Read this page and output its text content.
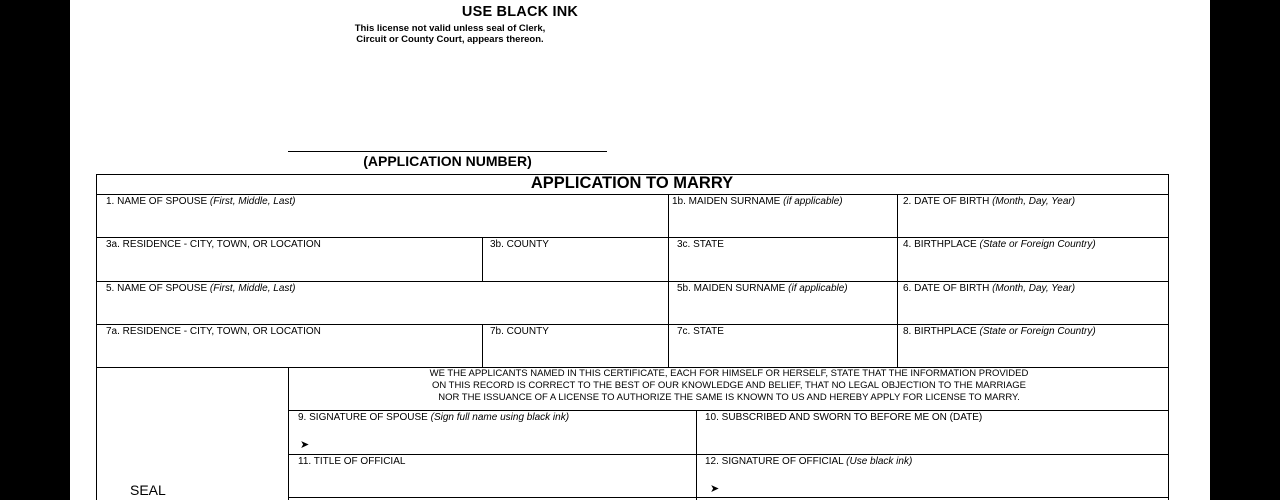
USE BLACK INK
This license not valid unless seal of Clerk,
Circuit or County Court, appears thereon.
(APPLICATION NUMBER)
APPLICATION TO MARRY
1. NAME OF SPOUSE (First, Middle, Last)	1b. MAIDEN SURNAME (if applicable)	2. DATE OF BIRTH (Month, Day, Year)
3a. RESIDENCE - CITY, TOWN, OR LOCATION	3b. COUNTY	3c. STATE	4. BIRTHPLACE (State or Foreign Country)
5. NAME OF SPOUSE (First, Middle, Last)	5b. MAIDEN SURNAME (if applicable)	6. DATE OF BIRTH (Month, Day, Year)
7a. RESIDENCE - CITY, TOWN, OR LOCATION	7b. COUNTY	7c. STATE	8. BIRTHPLACE (State or Foreign Country)
WE THE APPLICANTS NAMED IN THIS CERTIFICATE, EACH FOR HIMSELF OR HERSELF, STATE THAT THE INFORMATION PROVIDED
ON THIS RECORD IS CORRECT TO THE BEST OF OUR KNOWLEDGE AND BELIEF, THAT NO LEGAL OBJECTION TO THE MARRIAGE
NOR THE ISSUANCE OF A LICENSE TO AUTHORIZE THE SAME IS KNOWN TO US AND HEREBY APPLY FOR LICENSE TO MARRY.
9. SIGNATURE OF SPOUSE (Sign full name using black ink)
➤
10. SUBSCRIBED AND SWORN TO BEFORE ME ON (DATE)
11. TITLE OF OFFICIAL	12. SIGNATURE OF OFFICIAL (Use black ink)
➤
SEAL
